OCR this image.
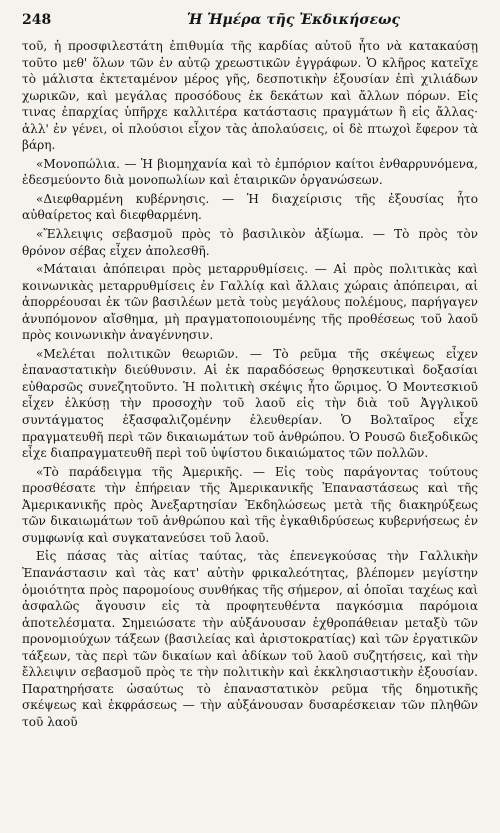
248	Ἡ Ἡμέρα τῆς Ἐκδικήσεως

τοῦ, ἡ προσφιλεστάτη ἐπιθυμία τῆς καρδίας αὐτοῦ ἦτο νὰ κατακαύσῃ τοῦτο μεθ' ὅλων τῶν ἐν αὐτῷ χρεωστικῶν ἐγγράφων. Ὁ κλῆρος κατεῖχε τὸ μάλιστα ἐκτεταμένον μέρος γῆς, δεσποτικὴν ἐξουσίαν ἐπὶ χιλιάδων χωρικῶν, καὶ μεγάλας προσόδους ἐκ δεκάτων καὶ ἄλλων πόρων. Εἰς τινας ἐπαρχίας ὑπῆρχε καλλιτέρα κατάστασις πραγμάτων ἢ εἰς ἄλλας· ἀλλ' ἐν γένει, οἱ πλούσιοι εἶχον τὰς ἀπολαύσεις, οἱ δὲ πτωχοὶ ἔφερον τὰ βάρη.

«Μονοπώλια. — Ἡ βιομηχανία καὶ τὸ ἐμπόριον καίτοι ἐνθαρρυνόμενα, ἐδεσμεύοντο διὰ μονοπωλίων καὶ ἑταιρικῶν ὀργανώσεων.

«Διεφθαρμένη κυβέρνησις. — Ἡ διαχείρισις τῆς ἐξουσίας ἦτο αὐθαίρετος καὶ διεφθαρμένη.

«Ἔλλειψις σεβασμοῦ πρὸς τὸ βασιλικὸν ἀξίωμα. — Τὸ πρὸς τὸν θρόνον σέβας εἶχεν ἀπολεσθῆ.

«Μάταιαι ἀπόπειραι πρὸς μεταρρυθμίσεις. — Αἱ πρὸς πολιτικὰς καὶ κοινωνικὰς μεταρρυθμίσεις ἐν Γαλλίᾳ καὶ ἄλλαις χώραις ἀπόπειραι, αἱ ἀπορρέουσαι ἐκ τῶν βασιλέων μετὰ τοὺς μεγάλους πολέμους, παρήγαγεν ἀνυπόμονον αἴσθημα, μὴ πραγματοποιουμένης τῆς προθέσεως τοῦ λαοῦ πρὸς κοινωνικὴν ἀναγέννησιν.

«Μελέται πολιτικῶν θεωριῶν. — Τὸ ρεῦμα τῆς σκέψεως εἶχεν ἐπαναστατικὴν διεύθυνσιν. Αἱ ἐκ παραδόσεως θρησκευτικαὶ δοξασίαι εὐθαρσῶς συνεζητοῦντο. Ἡ πολιτικὴ σκέψις ἦτο ὥριμος. Ὁ Μοντεσκιοῦ εἶχεν ἑλκύσῃ τὴν προσοχὴν τοῦ λαοῦ εἰς τὴν διὰ τοῦ Ἀγγλικοῦ συντάγματος ἐξασφαλιζομένην ἐλευθερίαν. Ὁ Βολταῖρος εἶχε πραγματευθῆ περὶ τῶν δικαιωμάτων τοῦ ἀνθρώπου. Ὁ Ρουσῶ διεξοδικῶς εἶχε διαπραγματευθῆ περὶ τοῦ ὑψίστου δικαιώματος τῶν πολλῶν.

«Τὸ παράδειγμα τῆς Ἀμερικῆς. — Εἰς τοὺς παράγοντας τούτους προσθέσατε τὴν ἐπήρειαν τῆς Ἀμερικανικῆς Ἐπαναστάσεως καὶ τῆς Ἀμερικανικῆς πρὸς Ἀνεξαρτησίαν Ἐκδηλώσεως μετὰ τῆς διακηρύξεως τῶν δικαιωμάτων τοῦ ἀνθρώπου καὶ τῆς ἐγκαθιδρύσεως κυβερνήσεως ἐν συμφωνίᾳ καὶ συγκατανεύσει τοῦ λαοῦ.

Εἰς πάσας τὰς αἰτίας ταύτας, τὰς ἐπενεγκούσας τὴν Γαλλικὴν Ἐπανάστασιν καὶ τὰς κατ' αὐτὴν φρικαλεότητας, βλέπομεν μεγίστην ὁμοιότητα πρὸς παρομοίους συνθήκας τῆς σήμερον, αἱ ὁποῖαι ταχέως καὶ ἀσφαλῶς ἄγουσιν εἰς τὰ προφητευθέντα παγκόσμια παρόμοια ἀποτελέσματα. Σημειώσατε τὴν αὐξάνουσαν ἐχθροπάθειαν μεταξὺ τῶν προνομιούχων τάξεων (βασιλείας καὶ ἀριστοκρατίας) καὶ τῶν ἐργατικῶν τάξεων, τὰς περὶ τῶν δικαίων καὶ ἀδίκων τοῦ λαοῦ συζητήσεις, καὶ τὴν ἔλλειψιν σεβασμοῦ πρὸς τε τὴν πολιτικὴν καὶ ἐκκλησιαστικὴν ἐξουσίαν. Παρατηρήσατε ὡσαύτως τὸ ἐπαναστατικὸν ρεῦμα τῆς δημοτικῆς σκέψεως καὶ ἐκφράσεως — τὴν αὐξάνουσαν δυσαρέσκειαν τῶν πληθῶν τοῦ λαοῦ
